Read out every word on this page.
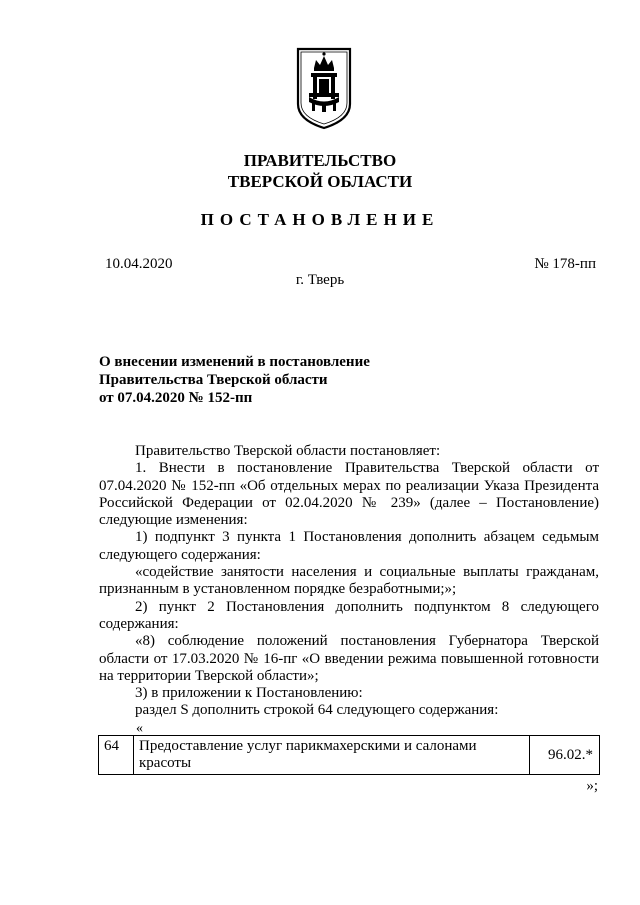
ПРАВИТЕЛЬСТВО
ТВЕРСКОЙ ОБЛАСТИ
ПОСТАНОВЛЕНИЕ
10.04.2020	№ 178-пп
г. Тверь
О внесении изменений в постановление
Правительства Тверской области
от 07.04.2020 № 152-пп

Правительство Тверской области постановляет:

1. Внести в постановление Правительства Тверской области от 07.04.2020 № 152-пп «Об отдельных мерах по реализации Указа Президента Российской Федерации от 02.04.2020 № 239» (далее – Постановление) следующие изменения:

1) подпункт 3 пункта 1 Постановления дополнить абзацем седьмым следующего содержания:

«содействие занятости населения и социальные выплаты гражданам, признанным в установленном порядке безработными;»;

2) пункт 2 Постановления дополнить подпунктом 8 следующего содержания:

«8) соблюдение положений постановления Губернатора Тверской области от 17.03.2020 № 16-пг «О введении режима повышенной готовности на территории Тверской области»;

3) в приложении к Постановлению:

раздел S дополнить строкой 64 следующего содержания:

«
64	Предоставление услуг парикмахерскими и салонами красоты	96.02.*
»;
